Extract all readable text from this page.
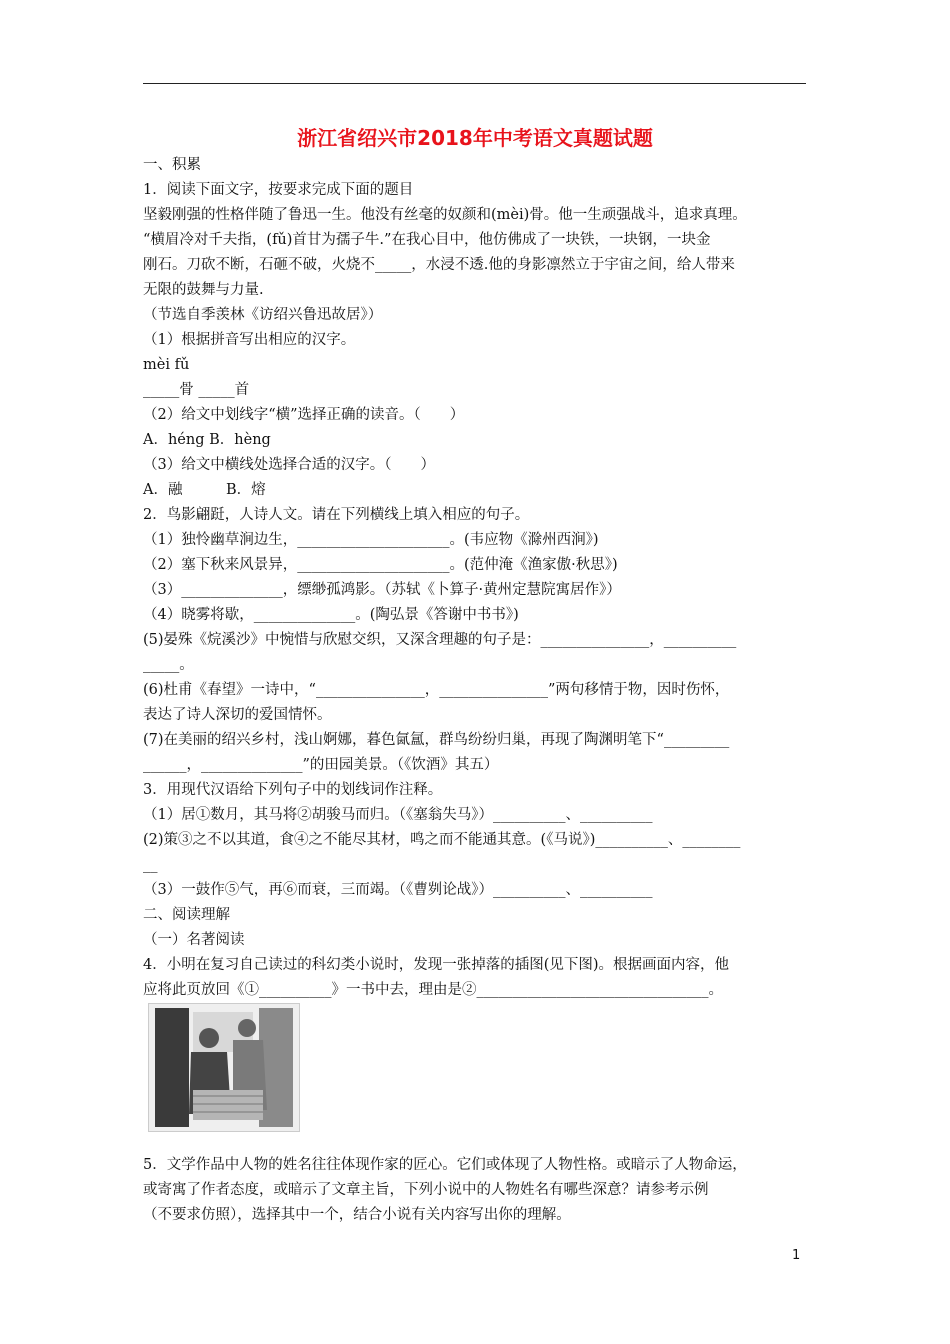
浙江省绍兴市2018年中考语文真题试题
一、积累
1．阅读下面文字，按要求完成下面的题目
坚毅刚强的性格伴随了鲁迅一生。他没有丝毫的奴颜和(mèi)骨。他一生顽强战斗，追求真理。
“横眉冷对千夫指，(fǔ)首甘为孺子牛.”在我心目中，他仿佛成了一块铁，一块钢，一块金
刚石。刀砍不断，石砸不破，火烧不_____，水浸不透.他的身影凛然立于宇宙之间，给人带来
无限的鼓舞与力量.
（节选自季羡林《访绍兴鲁迅故居》）
（1）根据拼音写出相应的汉字。
mèi fǔ
_____骨 _____首
（2）给文中划线字“横”选择正确的读音。（　　）
A．héng B．hèng
（3）给文中横线处选择合适的汉字。（　　）
A．融　　　B．熔
2．鸟影翩跹，人诗人文。请在下列横线上填入相应的句子。
（1）独怜幽草涧边生，_____________________。(韦应物《滁州西涧》)
（2）塞下秋来风景异，_____________________。(范仲淹《渔家傲·秋思》)
（3）______________，缥缈孤鸿影。（苏轼《卜算子·黄州定慧院寓居作》）
（4）晓雾将歇，______________。(陶弘景《答谢中书书》)
(5)晏殊《烷溪沙》中惋惜与欣慰交织，又深含理趣的句子是：_______________，__________
_____。
(6)杜甫《春望》一诗中，“_______________，_______________”两句移情于物，因时伤怀，
表达了诗人深切的爱国情怀。
(7)在美丽的绍兴乡村，浅山婀娜，暮色氤氲，群鸟纷纷归巢，再现了陶渊明笔下“_________
______，______________”的田园美景。（《饮酒》其五）
3．用现代汉语给下列句子中的划线词作注释。
（1）居①数月，其马将②胡骏马而归。（《塞翁失马》）__________、__________
(2)策③之不以其道，食④之不能尽其材，鸣之而不能通其意。(《马说》)__________、________
__
（3）一鼓作⑤气，再⑥而衰，三而竭。（《曹刿论战》）__________、__________
二、阅读理解
（一）名著阅读
4．小明在复习自己读过的科幻类小说时，发现一张掉落的插图(见下图)。根据画面内容，他
应将此页放回《①__________》一书中去，理由是②________________________________。
5．文学作品中人物的姓名往往体现作家的匠心。它们或体现了人物性格。或暗示了人物命运，
或寄寓了作者态度，或暗示了文章主旨，下列小说中的人物姓名有哪些深意？请参考示例
（不要求仿照），选择其中一个，结合小说有关内容写出你的理解。
1
